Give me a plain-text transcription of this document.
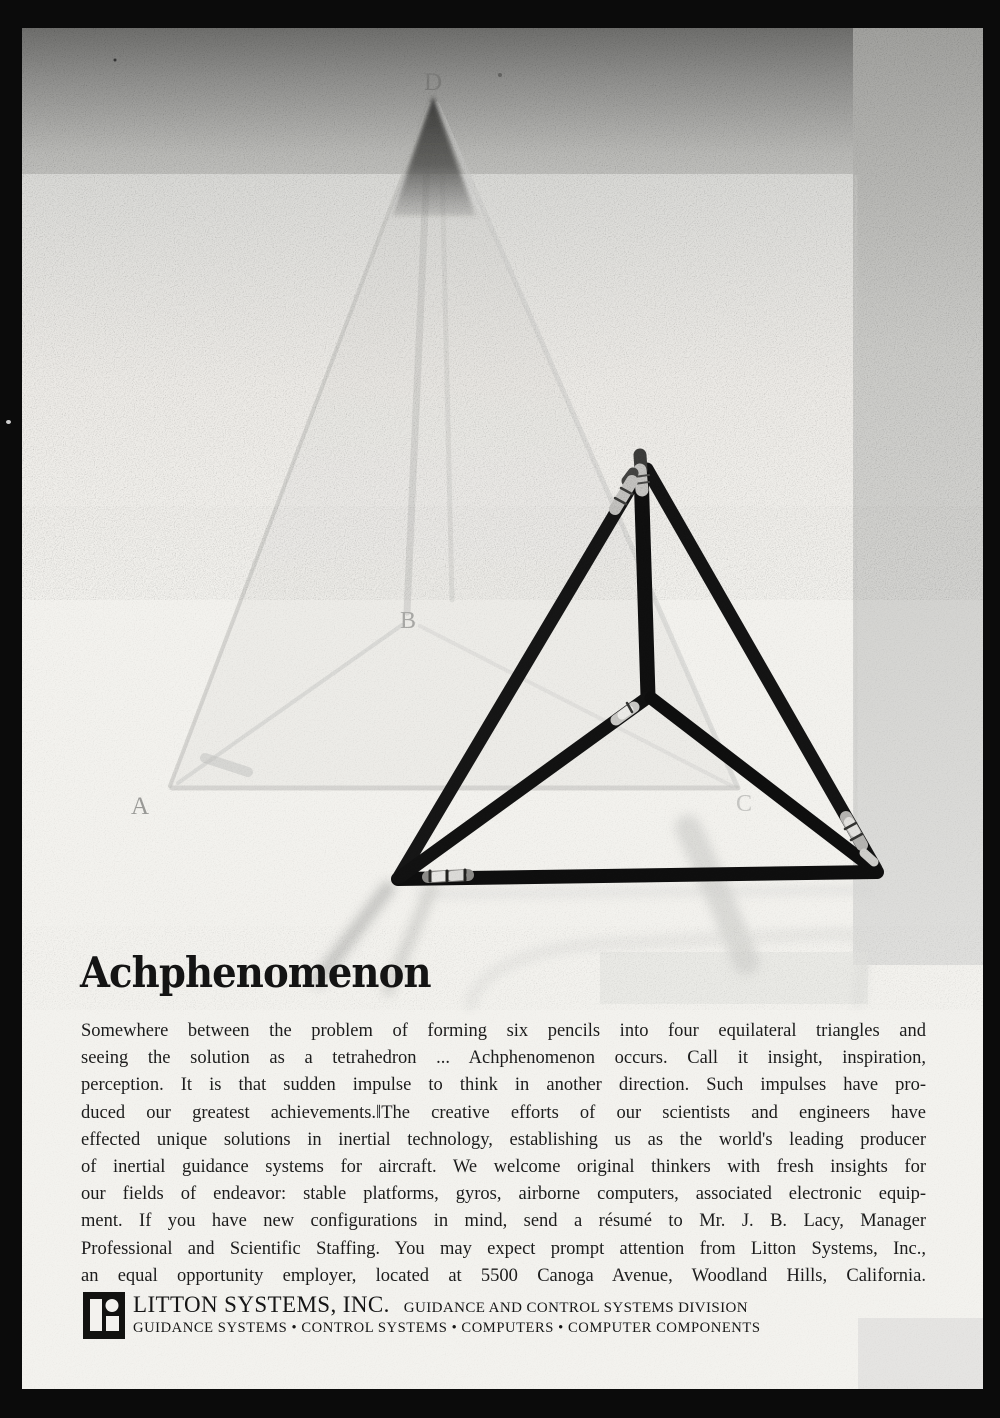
D
B
A	C
Achphenomenon
Somewhere between the problem of forming six pencils into four equilateral triangles and
seeing the solution as a tetrahedron ... Achphenomenon occurs. Call it insight, inspiration,
perception. It is that sudden impulse to think in another direction. Such impulses have pro-
duced our greatest achievements.‖The creative efforts of our scientists and engineers have
effected unique solutions in inertial technology, establishing us as the world's leading producer
of inertial guidance systems for aircraft. We welcome original thinkers with fresh insights for
our fields of endeavor: stable platforms, gyros, airborne computers, associated electronic equip-
ment. If you have new configurations in mind, send a résumé to Mr. J. B. Lacy, Manager
Professional and Scientific Staffing. You may expect prompt attention from Litton Systems, Inc.,
an equal opportunity employer, located at 5500 Canoga Avenue, Woodland Hills, California.
LITTON SYSTEMS, INC. GUIDANCE AND CONTROL SYSTEMS DIVISION
GUIDANCE SYSTEMS • CONTROL SYSTEMS • COMPUTERS • COMPUTER COMPONENTS
